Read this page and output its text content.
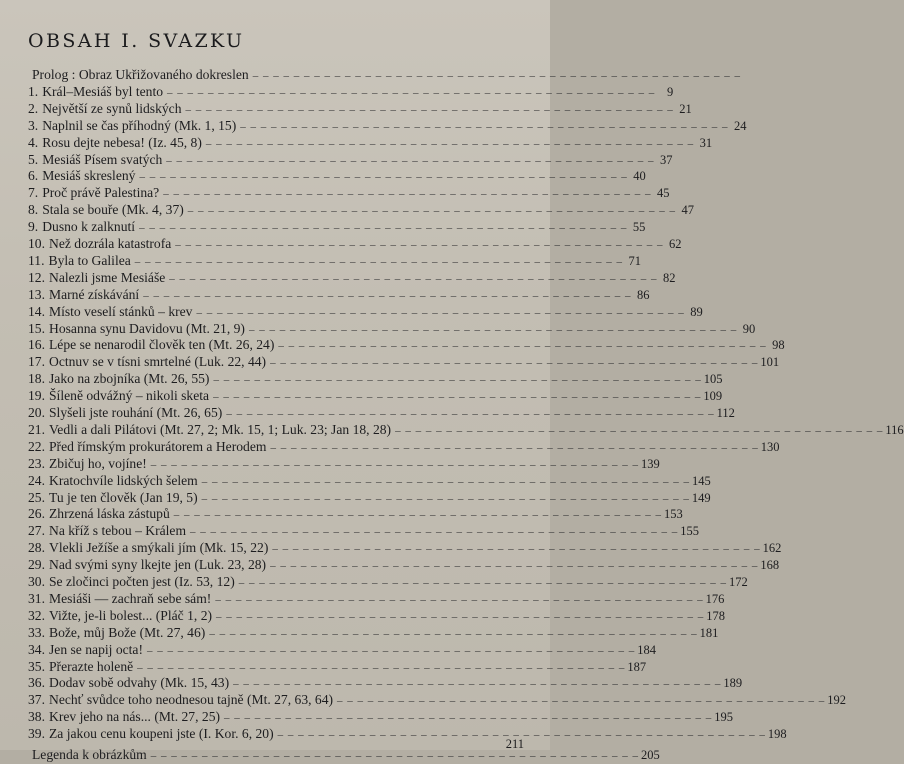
OBSAH I. SVAZKU
Prolog : Obraz Ukřižovaného dokreslen – – – – – – – – – – – – – – – – – – – – – – – – – – – – – – – – – – – – – – – – – – – – – – – –
1. Král–Mesiáš byl tento – – – – – – – – – – – – – – – – – – – – – – – – – – – – – – – – – – – – – – – – – – – – – – – – 9
2. Největší ze synů lidských – – – – – – – – – – – – – – – – – – – – – – – – – – – – – – – – – – – – – – – – – – – – – – – – 21
3. Naplnil se čas příhodný (Mk. 1, 15) – – – – – – – – – – – – – – – – – – – – – – – – – – – – – – – – – – – – – – – – – – – – – – – – 24
4. Rosu dejte nebesa! (Iz. 45, 8) – – – – – – – – – – – – – – – – – – – – – – – – – – – – – – – – – – – – – – – – – – – – – – – – 31
5. Mesiáš Písem svatých – – – – – – – – – – – – – – – – – – – – – – – – – – – – – – – – – – – – – – – – – – – – – – – – 37
6. Mesiáš skreslený – – – – – – – – – – – – – – – – – – – – – – – – – – – – – – – – – – – – – – – – – – – – – – – – 40
7. Proč právě Palestina? – – – – – – – – – – – – – – – – – – – – – – – – – – – – – – – – – – – – – – – – – – – – – – – – 45
8. Stala se bouře (Mk. 4, 37) – – – – – – – – – – – – – – – – – – – – – – – – – – – – – – – – – – – – – – – – – – – – – – – – 47
9. Dusno k zalknutí – – – – – – – – – – – – – – – – – – – – – – – – – – – – – – – – – – – – – – – – – – – – – – – – 55
10. Než dozrála katastrofa – – – – – – – – – – – – – – – – – – – – – – – – – – – – – – – – – – – – – – – – – – – – – – – – 62
11. Byla to Galilea – – – – – – – – – – – – – – – – – – – – – – – – – – – – – – – – – – – – – – – – – – – – – – – – 71
12. Nalezli jsme Mesiáše – – – – – – – – – – – – – – – – – – – – – – – – – – – – – – – – – – – – – – – – – – – – – – – – 82
13. Marné získávání – – – – – – – – – – – – – – – – – – – – – – – – – – – – – – – – – – – – – – – – – – – – – – – – 86
14. Místo veselí stánků – krev – – – – – – – – – – – – – – – – – – – – – – – – – – – – – – – – – – – – – – – – – – – – – – – – 89
15. Hosanna synu Davidovu (Mt. 21, 9) – – – – – – – – – – – – – – – – – – – – – – – – – – – – – – – – – – – – – – – – – – – – – – – – 90
16. Lépe se nenarodil člověk ten (Mt. 26, 24) – – – – – – – – – – – – – – – – – – – – – – – – – – – – – – – – – – – – – – – – – – – – – – – – 98
17. Octnuv se v tísni smrtelné (Luk. 22, 44) – – – – – – – – – – – – – – – – – – – – – – – – – – – – – – – – – – – – – – – – – – – – – – – – 101
18. Jako na zbojníka (Mt. 26, 55) – – – – – – – – – – – – – – – – – – – – – – – – – – – – – – – – – – – – – – – – – – – – – – – – 105
19. Šíleně odvážný – nikoli sketa – – – – – – – – – – – – – – – – – – – – – – – – – – – – – – – – – – – – – – – – – – – – – – – – 109
20. Slyšeli jste rouhání (Mt. 26, 65) – – – – – – – – – – – – – – – – – – – – – – – – – – – – – – – – – – – – – – – – – – – – – – – – 112
21. Vedli a dali Pilátovi (Mt. 27, 2; Mk. 15, 1; Luk. 23; Jan 18, 28) – – – – – – – – – – – – – – – – – – – – – – – – – – – – – – – – – – – – – – – – – – – – – – – – 116
22. Před římským prokurátorem a Herodem – – – – – – – – – – – – – – – – – – – – – – – – – – – – – – – – – – – – – – – – – – – – – – – – 130
23. Zbičuj ho, vojíne! – – – – – – – – – – – – – – – – – – – – – – – – – – – – – – – – – – – – – – – – – – – – – – – – 139
24. Kratochvíle lidských šelem – – – – – – – – – – – – – – – – – – – – – – – – – – – – – – – – – – – – – – – – – – – – – – – – 145
25. Tu je ten člověk (Jan 19, 5) – – – – – – – – – – – – – – – – – – – – – – – – – – – – – – – – – – – – – – – – – – – – – – – – 149
26. Zhrzená láska zástupů – – – – – – – – – – – – – – – – – – – – – – – – – – – – – – – – – – – – – – – – – – – – – – – – 153
27. Na kříž s tebou – Králem – – – – – – – – – – – – – – – – – – – – – – – – – – – – – – – – – – – – – – – – – – – – – – – – 155
28. Vlekli Ježíše a smýkali jím (Mk. 15, 22) – – – – – – – – – – – – – – – – – – – – – – – – – – – – – – – – – – – – – – – – – – – – – – – – 162
29. Nad svými syny lkejte jen (Luk. 23, 28) – – – – – – – – – – – – – – – – – – – – – – – – – – – – – – – – – – – – – – – – – – – – – – – – 168
30. Se zločinci počten jest (Iz. 53, 12) – – – – – – – – – – – – – – – – – – – – – – – – – – – – – – – – – – – – – – – – – – – – – – – – 172
31. Mesiáši — zachraň sebe sám! – – – – – – – – – – – – – – – – – – – – – – – – – – – – – – – – – – – – – – – – – – – – – – – – 176
32. Vižte, je-li bolest... (Pláč 1, 2) – – – – – – – – – – – – – – – – – – – – – – – – – – – – – – – – – – – – – – – – – – – – – – – – 178
33. Bože, můj Bože (Mt. 27, 46) – – – – – – – – – – – – – – – – – – – – – – – – – – – – – – – – – – – – – – – – – – – – – – – – 181
34. Jen se napij octa! – – – – – – – – – – – – – – – – – – – – – – – – – – – – – – – – – – – – – – – – – – – – – – – – 184
35. Přerazte holeně – – – – – – – – – – – – – – – – – – – – – – – – – – – – – – – – – – – – – – – – – – – – – – – – 187
36. Dodav sobě odvahy (Mk. 15, 43) – – – – – – – – – – – – – – – – – – – – – – – – – – – – – – – – – – – – – – – – – – – – – – – – 189
37. Nechť svůdce toho neodnesou tajně (Mt. 27, 63, 64) – – – – – – – – – – – – – – – – – – – – – – – – – – – – – – – – – – – – – – – – – – – – – – – – 192
38. Krev jeho na nás... (Mt. 27, 25) – – – – – – – – – – – – – – – – – – – – – – – – – – – – – – – – – – – – – – – – – – – – – – – – 195
39. Za jakou cenu koupeni jste (I. Kor. 6, 20) – – – – – – – – – – – – – – – – – – – – – – – – – – – – – – – – – – – – – – – – – – – – – – – – 198
211
Legenda k obrázkům – – – – – – – – – – – – – – – – – – – – – – – – – – – – – – – – – – – – – – – – – – – – – – – – 205
